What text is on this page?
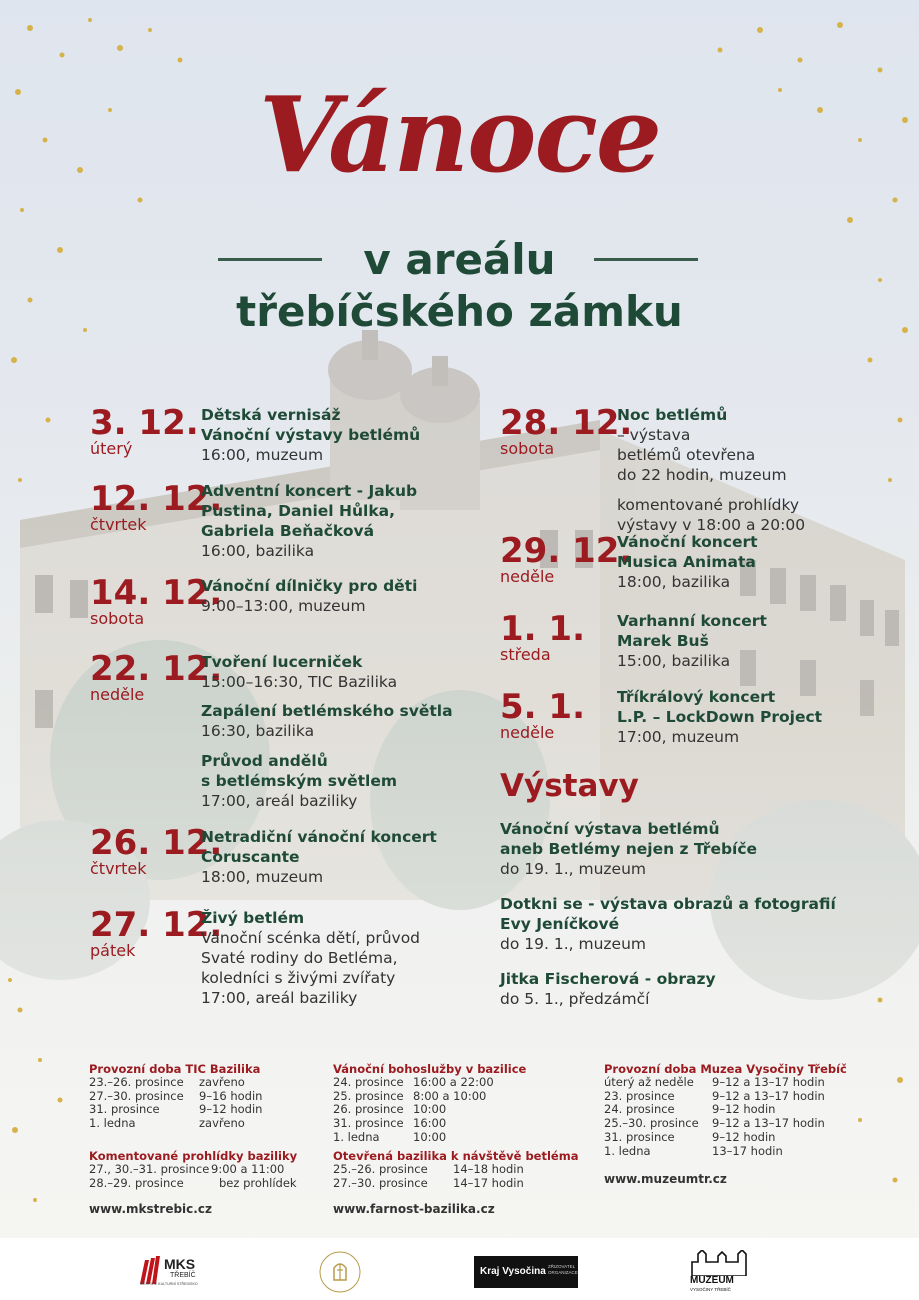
Vánoce
v areálu
třebíčského zámku
3. 12.
úterý
Dětská vernisáž
Vánoční výstavy betlémů
16:00, muzeum
12. 12.
čtvrtek
Adventní koncert - Jakub
Pustina, Daniel Hůlka,
Gabriela Beňačková
16:00, bazilika
14. 12.
sobota
Vánoční dílničky pro děti
9:00–13:00, muzeum
22. 12.
neděle
Tvoření lucerniček
15:00–16:30, TIC Bazilika
Zapálení betlémského světla
16:30, bazilika
Průvod andělů
s betlémským světlem
17:00, areál baziliky
26. 12.
čtvrtek
Netradiční vánoční koncert
Coruscante
18:00, muzeum
27. 12.
pátek
Živý betlém
Vánoční scénka dětí, průvod
Svaté rodiny do Betléma,
koledníci s živými zvířaty
17:00, areál baziliky
28. 12.
sobota
Noc betlémů
– výstava
betlémů otevřena
do 22 hodin, muzeum
komentované prohlídky
výstavy v 18:00 a 20:00
29. 12.
neděle
Vánoční koncert
Musica Animata
18:00, bazilika
1. 1.
středa
Varhanní koncert
Marek Buš
15:00, bazilika
5. 1.
neděle
Tříkrálový koncert
L.P. – LockDown Project
17:00, muzeum
Výstavy
Vánoční výstava betlémů
aneb Betlémy nejen z Třebíče
do 19. 1., muzeum
Dotkni se - výstava obrazů a fotografií
Evy Jeníčkové
do 19. 1., muzeum
Jitka Fischerová - obrazy
do 5. 1., předzámčí
Provozní doba TIC Bazilika
23.–26. prosince	zavřeno
27.–30. prosince	9–16 hodin
31. prosince	9–12 hodin
1. ledna	zavřeno
Komentované prohlídky baziliky
27., 30.–31. prosince	9:00 a 11:00
28.–29. prosince	bez prohlídek
www.mkstrebic.cz
Vánoční bohoslužby v bazilice
24. prosince	16:00 a 22:00
25. prosince	8:00 a 10:00
26. prosince	10:00
31. prosince	16:00
1. ledna	10:00
Otevřená bazilika k návštěvě betléma
25.–26. prosince	14–18 hodin
27.–30. prosince	14–17 hodin
www.farnost-bazilika.cz
Provozní doba Muzea Vysočiny Třebíč
úterý až neděle	9–12 a 13–17 hodin
23. prosince	9–12 a 13–17 hodin
24. prosince	9–12 hodin
25.–30. prosince	9–12 a 13–17 hodin
31. prosince	9–12 hodin
1. ledna	13–17 hodin
www.muzeumtr.cz
MKS
TŘEBÍČ
MĚSTSKÉ KULTURNÍ STŘEDISKO
Kraj Vysočina ZŘIZOVATEL ORGANIZACE
MUZEUM
VYSOČINY TŘEBÍČ
